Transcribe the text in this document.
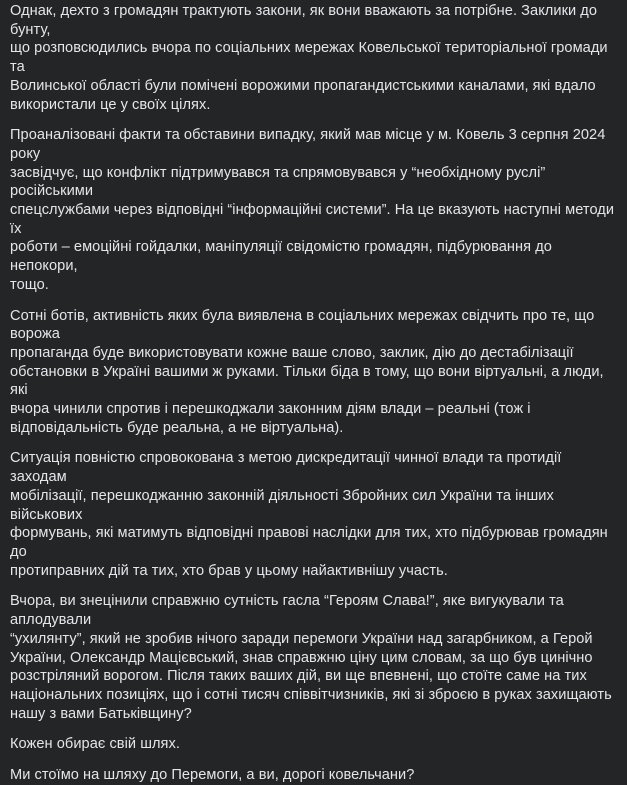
Однак, дехто з громадян трактують закони, як вони вважають за потрібне. Заклики до бунту,
що розповсюдились вчора по соціальних мережах Ковельської територіальної громади та
Волинської області були помічені ворожими пропагандистськими каналами, які вдало
використали це у своїх цілях.

Проаналізовані факти та обставини випадку, який мав місце у м. Ковель 3 серпня 2024 року
засвідчує, що конфлікт підтримувався та спрямовувався у “необхідному руслі” російськими
спецслужбами через відповідні “інформаційні системи”. На це вказують наступні методи їх
роботи – емоційні гойдалки, маніпуляції свідомістю громадян, підбурювання до непокори,
тощо.

Сотні ботів, активність яких була виявлена в соціальних мережах свідчить про те, що ворожа
пропаганда буде використовувати кожне ваше слово, заклик, дію до дестабілізації
обстановки в Україні вашими ж руками. Тільки біда в тому, що вони віртуальні, а люди, які
вчора чинили спротив і перешкоджали законним діям влади – реальні (тож і
відповідальність буде реальна, а не віртуальна).

Ситуація повністю спровокована з метою дискредитації чинної влади та протидії заходам
мобілізації, перешкоджанню законній діяльності Збройних сил України та інших військових
формувань, які матимуть відповідні правові наслідки для тих, хто підбурював громадян до
протиправних дій та тих, хто брав у цьому найактивнішу участь.

Вчора, ви знецінили справжню сутність гасла “Героям Слава!”, яке вигукували та аплодували
“ухилянту”, який не зробив нічого заради перемоги України над загарбником, а Герой
України, Олександр Мацієвський, знав справжню ціну цим словам, за що був цинічно
розстріляний ворогом. Після таких ваших дій, ви ще впевнені, що стоїте саме на тих
національних позиціях, що і сотні тисяч співвітчизників, які зі зброєю в руках захищають
нашу з вами Батьківщину?

Кожен обирає свій шлях.

Ми стоїмо на шляху до Перемоги, а ви, дорогі ковельчани?
